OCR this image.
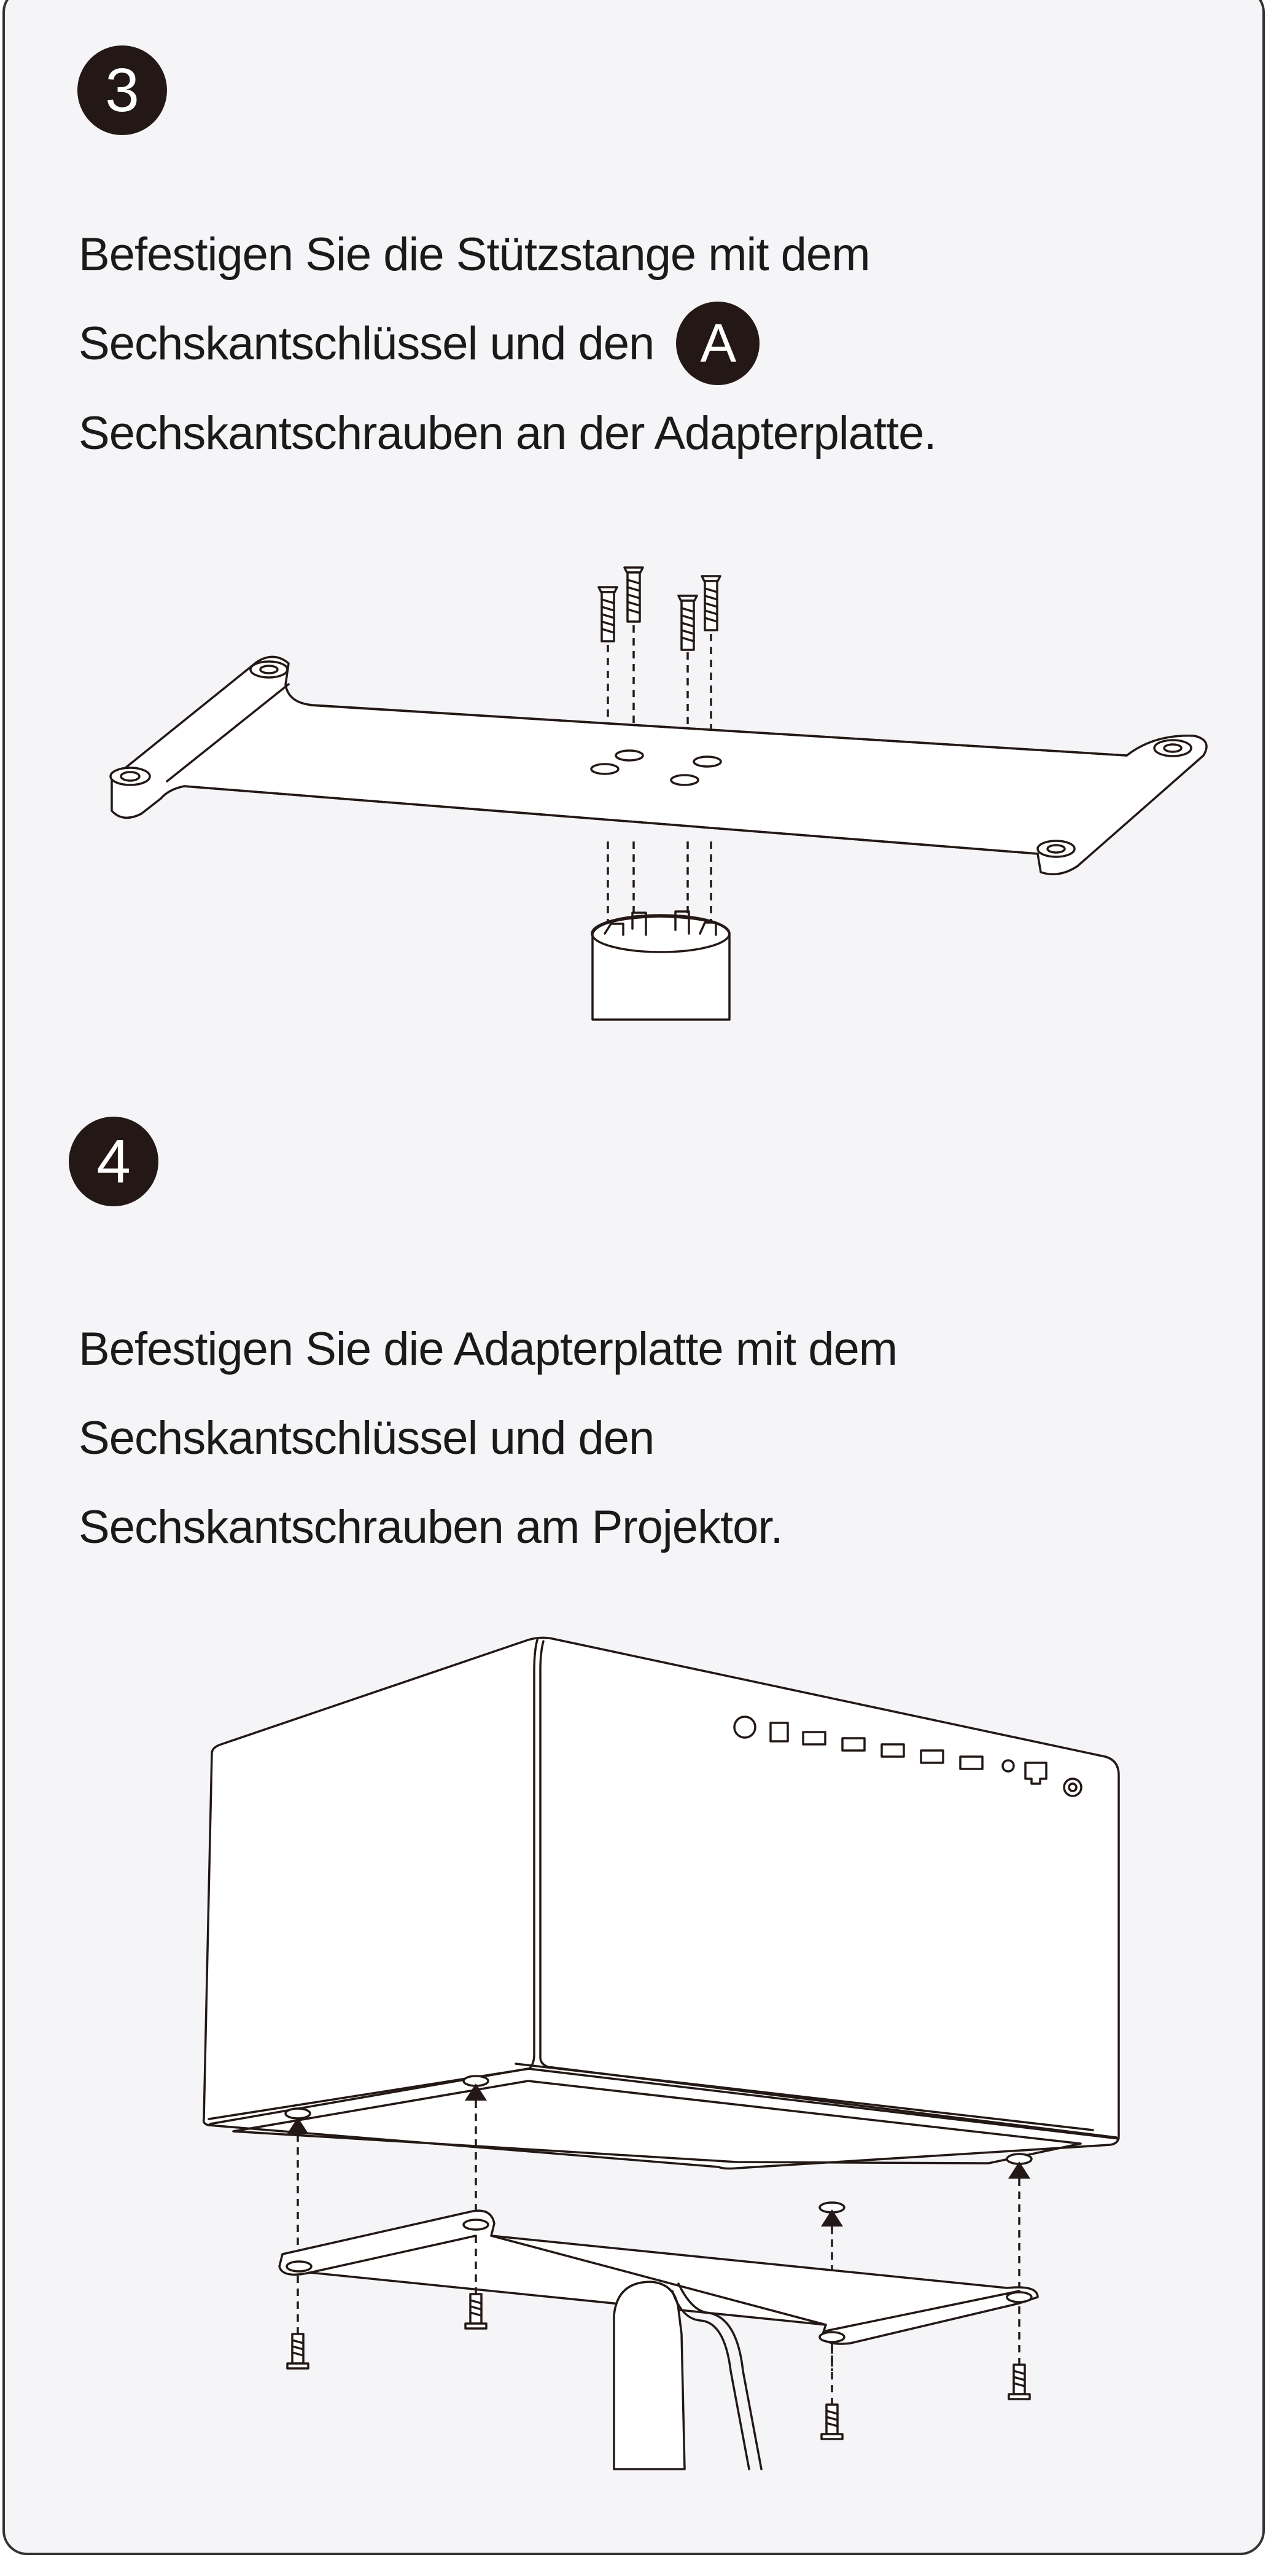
3
Befestigen Sie die Stützstange mit dem
Sechskantschlüssel und den A
Sechskantschrauben an der Adapterplatte.
4
Befestigen Sie die Adapterplatte mit dem
Sechskantschlüssel und den
Sechskantschrauben am Projektor.
